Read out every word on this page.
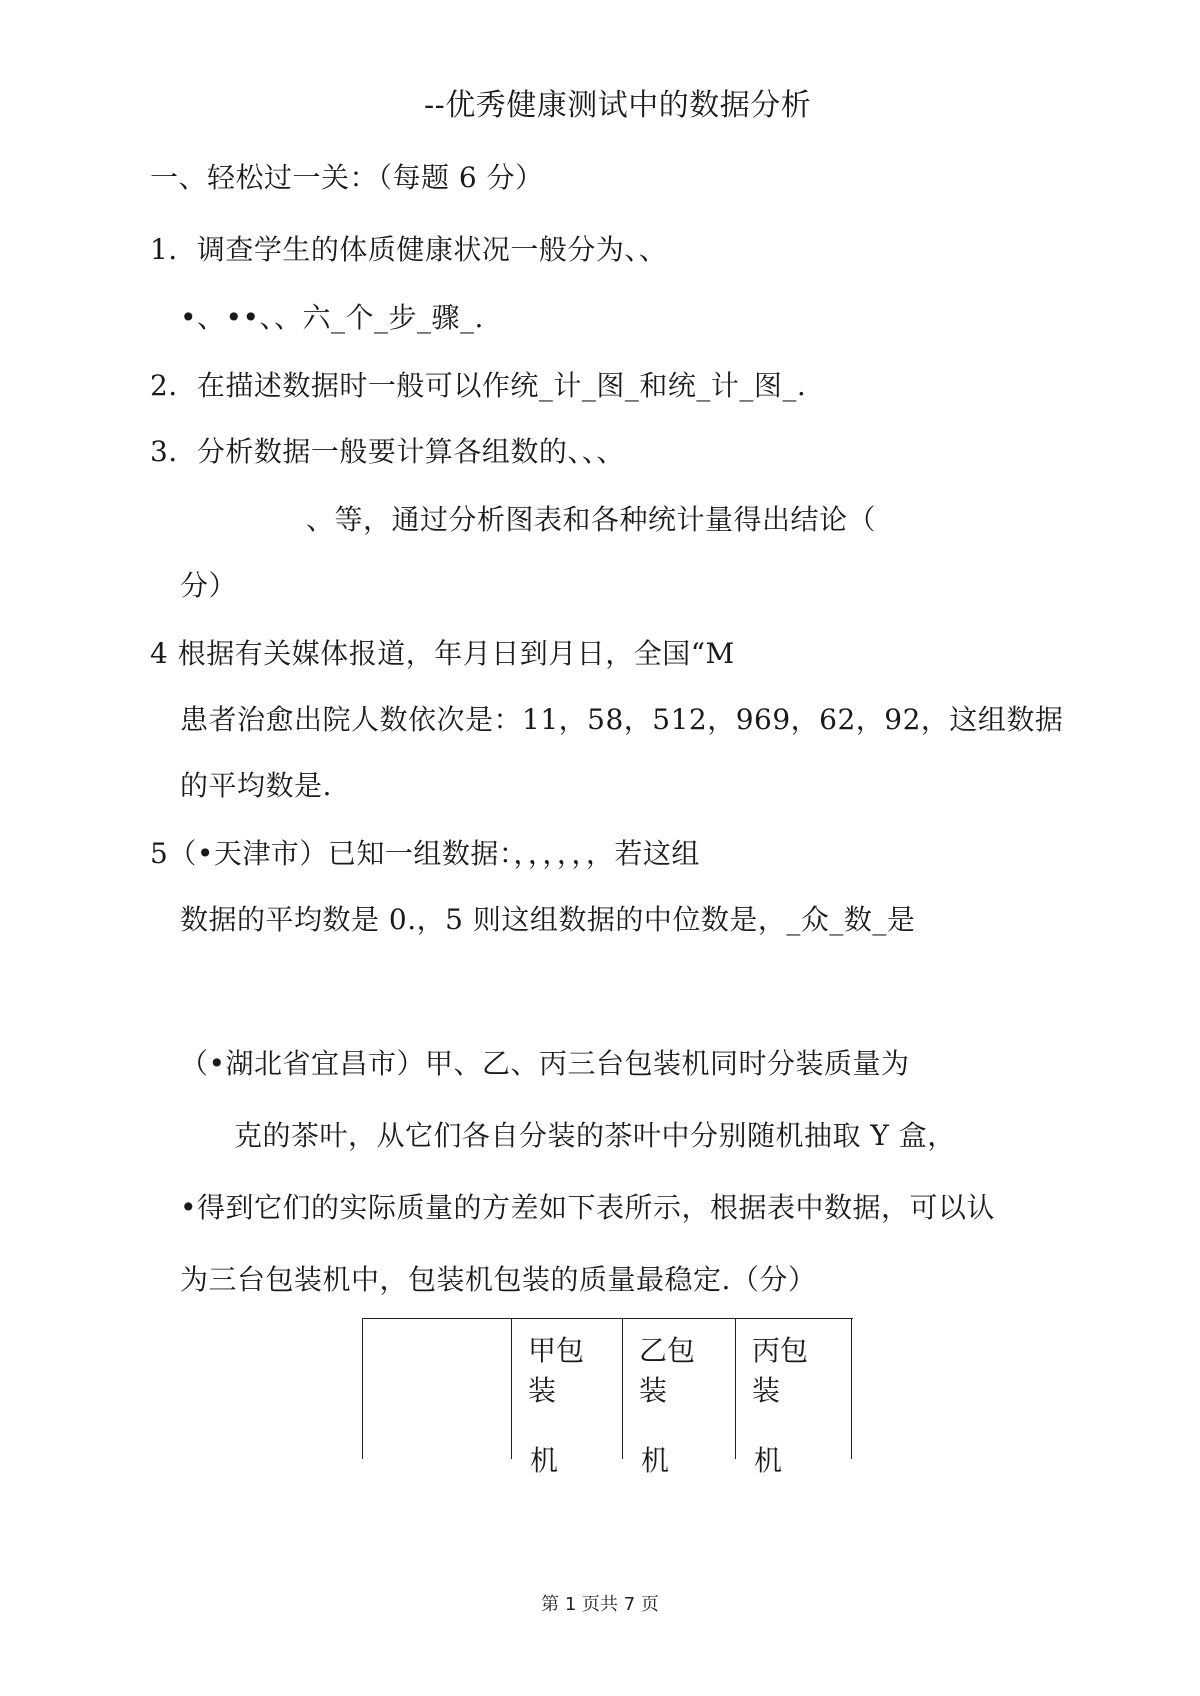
--优秀健康测试中的数据分析
一、轻松过一关：（每题 6 分）
1．调查学生的体质健康状况一般分为、、
•、••、、六_个_步_骤_.
2．在描述数据时一般可以作统_计_图_和统_计_图_.
3．分析数据一般要计算各组数的、、、
、等，通过分析图表和各种统计量得出结论（
分）
4 根据有关媒体报道，年月日到月日，全国“M
患者治愈出院人数依次是：11，58，512，969，62，92，这组数据
的平均数是.
5（•天津市）已知一组数据：，，，，，，若这组
数据的平均数是 0.，5 则这组数据的中位数是，_众_数_是
（•湖北省宜昌市）甲、乙、丙三台包装机同时分装质量为
克的茶叶，从它们各自分装的茶叶中分别随机抽取 Y 盒，
•得到它们的实际质量的方差如下表所示，根据表中数据，可以认
为三台包装机中，包装机包装的质量最稳定.（分）
甲包装
机
乙包装
机
丙包装
机
第 1 页共 7 页
